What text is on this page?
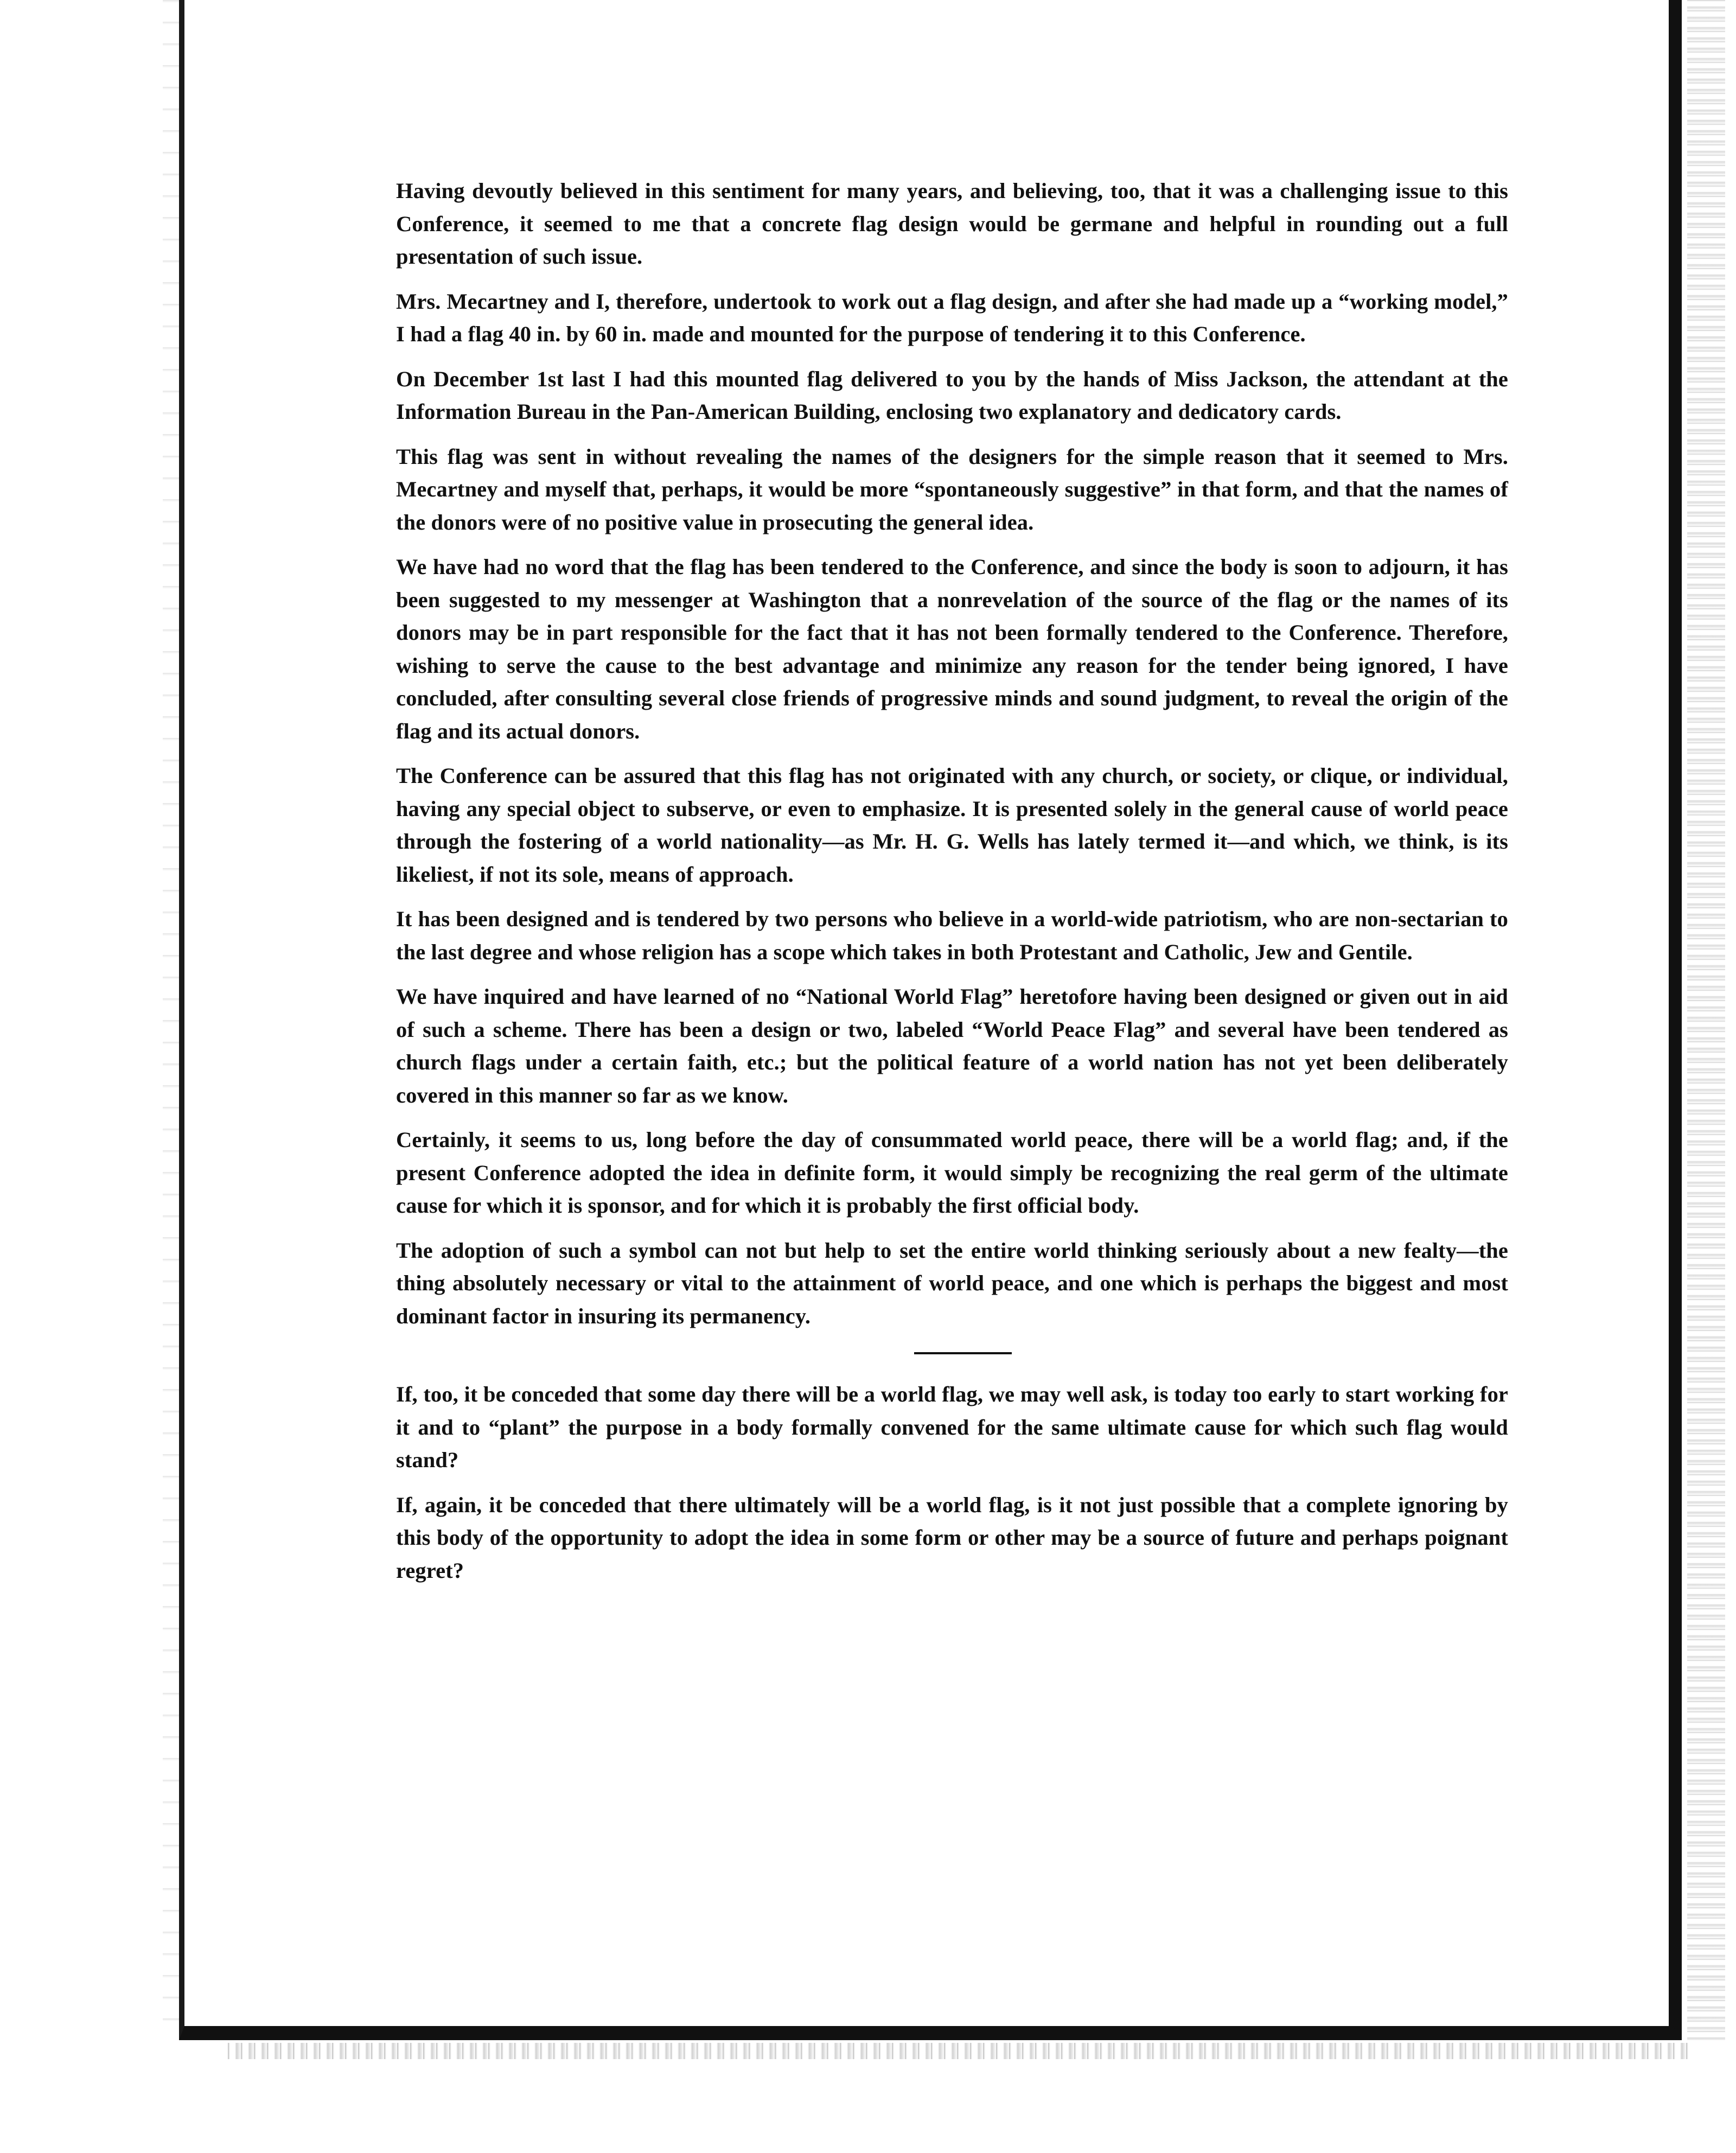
Having devoutly believed in this sentiment for many years, and believing, too, that it was a challenging issue to this Conference, it seemed to me that a concrete flag design would be germane and helpful in rounding out a full presentation of such issue.

Mrs. Mecartney and I, therefore, undertook to work out a flag design, and after she had made up a “working model,” I had a flag 40 in. by 60 in. made and mounted for the purpose of tendering it to this Conference.

On December 1st last I had this mounted flag delivered to you by the hands of Miss Jackson, the attendant at the Information Bureau in the Pan-American Building, enclosing two explanatory and dedicatory cards.

This flag was sent in without revealing the names of the designers for the simple reason that it seemed to Mrs. Mecartney and myself that, perhaps, it would be more “spontaneously suggestive” in that form, and that the names of the donors were of no positive value in prosecuting the general idea.

We have had no word that the flag has been tendered to the Conference, and since the body is soon to adjourn, it has been suggested to my messenger at Washington that a nonrevelation of the source of the flag or the names of its donors may be in part responsible for the fact that it has not been formally tendered to the Conference. Therefore, wishing to serve the cause to the best advantage and minimize any reason for the tender being ignored, I have concluded, after consulting several close friends of progressive minds and sound judgment, to reveal the origin of the flag and its actual donors.

The Conference can be assured that this flag has not originated with any church, or society, or clique, or individual, having any special object to subserve, or even to emphasize. It is presented solely in the general cause of world peace through the fostering of a world nationality—as Mr. H. G. Wells has lately termed it—and which, we think, is its likeliest, if not its sole, means of approach.

It has been designed and is tendered by two persons who believe in a world-wide patriotism, who are non-sectarian to the last degree and whose religion has a scope which takes in both Protestant and Catholic, Jew and Gentile.

We have inquired and have learned of no “National World Flag” heretofore having been designed or given out in aid of such a scheme. There has been a design or two, labeled “World Peace Flag” and several have been tendered as church flags under a certain faith, etc.; but the political feature of a world nation has not yet been deliberately covered in this manner so far as we know.

Certainly, it seems to us, long before the day of consummated world peace, there will be a world flag; and, if the present Conference adopted the idea in definite form, it would simply be recognizing the real germ of the ultimate cause for which it is sponsor, and for which it is probably the first official body.

The adoption of such a symbol can not but help to set the entire world thinking seriously about a new fealty—the thing absolutely necessary or vital to the attainment of world peace, and one which is perhaps the biggest and most dominant factor in insuring its permanency.

If, too, it be conceded that some day there will be a world flag, we may well ask, is today too early to start working for it and to “plant” the purpose in a body formally convened for the same ultimate cause for which such flag would stand?

If, again, it be conceded that there ultimately will be a world flag, is it not just possible that a complete ignoring by this body of the opportunity to adopt the idea in some form or other may be a source of future and perhaps poignant regret?
